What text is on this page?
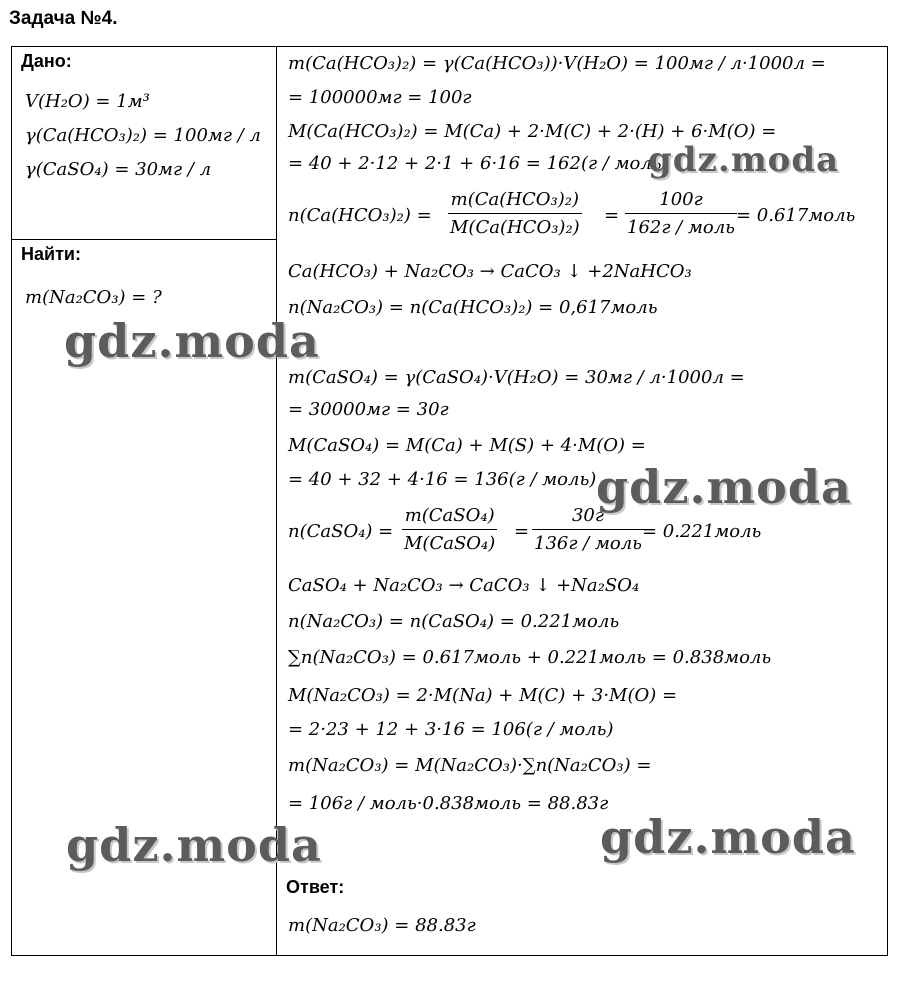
Задача №4.
Дано:
V(H₂O) = 1м³
γ(Ca(HCO₃)₂) = 100мг / л
γ(CaSO₄) = 30мг / л
Найти:
m(Na₂CO₃) = ?
m(Ca(HCO₃)₂) = γ(Ca(HCO₃))·V(H₂O) = 100мг / л·1000л =
= 100000мг = 100г
M(Ca(HCO₃)₂) = M(Ca) + 2·M(C) + 2·(H) + 6·M(O) =
= 40 + 2·12 + 2·1 + 6·16 = 162(г / моль)
n(Ca(HCO₃)₂) =
m(Ca(HCO₃)₂)
M(Ca(HCO₃)₂)
=
100г
162г / моль
= 0.617моль
Ca(HCO₃) + Na₂CO₃ → CaCO₃ ↓ +2NaHCO₃
n(Na₂CO₃) = n(Ca(HCO₃)₂) = 0,617моль
m(CaSO₄) = γ(CaSO₄)·V(H₂O) = 30мг / л·1000л =
= 30000мг = 30г
M(CaSO₄) = M(Ca) + M(S) + 4·M(O) =
= 40 + 32 + 4·16 = 136(г / моль)
n(CaSO₄) =
m(CaSO₄)
M(CaSO₄)
=
30г
136г / моль
= 0.221моль
CaSO₄ + Na₂CO₃ → CaCO₃ ↓ +Na₂SO₄
n(Na₂CO₃) = n(CaSO₄) = 0.221моль
∑n(Na₂CO₃) = 0.617моль + 0.221моль = 0.838моль
M(Na₂CO₃) = 2·M(Na) + M(C) + 3·M(O) =
= 2·23 + 12 + 3·16 = 106(г / моль)
m(Na₂CO₃) = M(Na₂CO₃)·∑n(Na₂CO₃) =
= 106г / моль·0.838моль = 88.83г
Ответ:
m(Na₂CO₃) = 88.83г
gdz.moda
gdz.moda
gdz.moda
gdz.moda	gdz.moda
